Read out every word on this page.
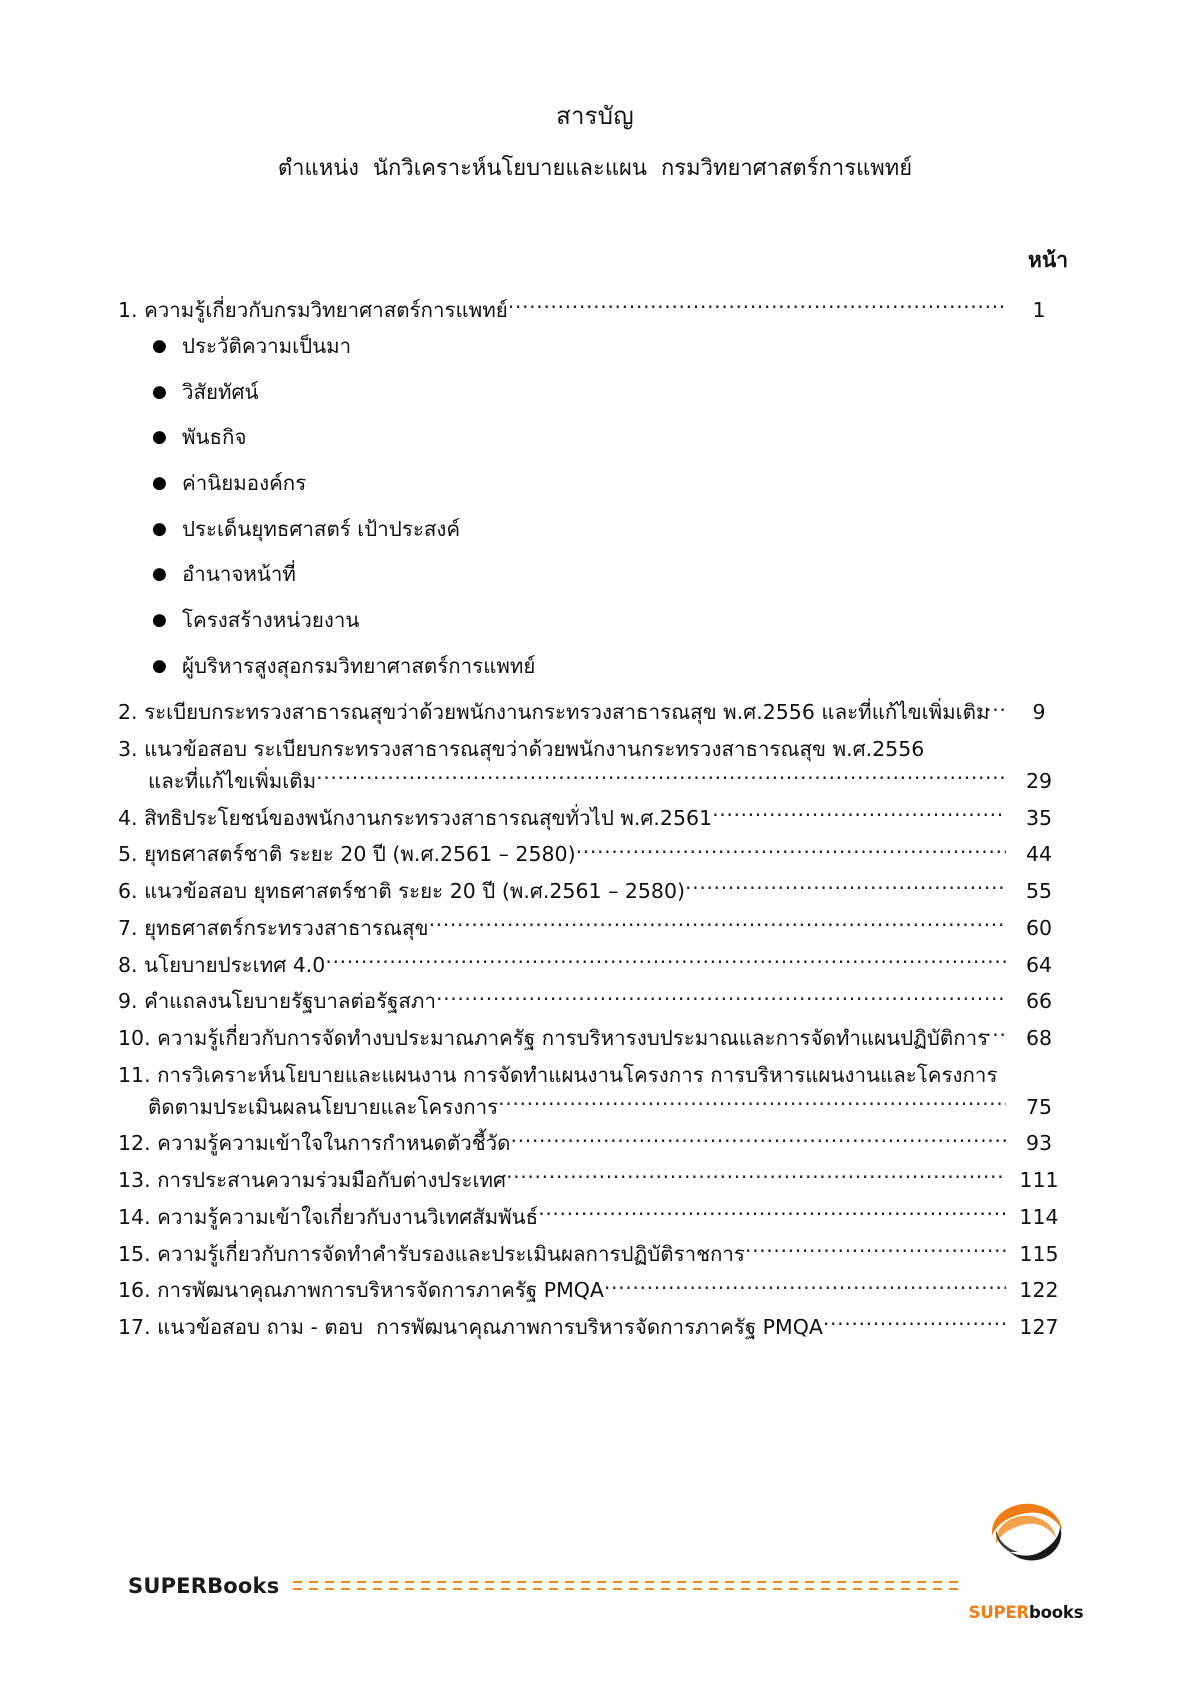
สารบัญ
ตำแหน่ง  นักวิเคราะห์นโยบายและแผน  กรมวิทยาศาสตร์การแพทย์
หน้า
1. ความรู้เกี่ยวกับกรมวิทยาศาสตร์การแพทย์ .....	1
● ประวัติความเป็นมา
● วิสัยทัศน์
● พันธกิจ
● ค่านิยมองค์กร
● ประเด็นยุทธศาสตร์ เป้าประสงค์
● อำนาจหน้าที่
● โครงสร้างหน่วยงาน
● ผู้บริหารสูงสุอกรมวิทยาศาสตร์การแพทย์
2. ระเบียบกระทรวงสาธารณสุขว่าด้วยพนักงานกระทรวงสาธารณสุข พ.ศ.2556 และที่แก้ไขเพิ่มเติม .....	9
3. แนวข้อสอบ ระเบียบกระทรวงสาธารณสุขว่าด้วยพนักงานกระทรวงสาธารณสุข พ.ศ.2556
และที่แก้ไขเพิ่มเติม .....	29
4. สิทธิประโยชน์ของพนักงานกระทรวงสาธารณสุขทั่วไป พ.ศ.2561 .....	35
5. ยุทธศาสตร์ชาติ ระยะ 20 ปี (พ.ศ.2561 – 2580) .....	44
6. แนวข้อสอบ ยุทธศาสตร์ชาติ ระยะ 20 ปี (พ.ศ.2561 – 2580) .....	55
7. ยุทธศาสตร์กระทรวงสาธารณสุข .....	60
8. นโยบายประเทศ 4.0 .....	64
9. คำแถลงนโยบายรัฐบาลต่อรัฐสภา .....	66
10. ความรู้เกี่ยวกับการจัดทำงบประมาณภาครัฐ การบริหารงบประมาณและการจัดทำแผนปฏิบัติการ .....	68
11. การวิเคราะห์นโยบายและแผนงาน การจัดทำแผนงานโครงการ การบริหารแผนงานและโครงการ
ติดตามประเมินผลนโยบายและโครงการ .....	75
12. ความรู้ความเข้าใจในการกำหนดตัวชี้วัด .....	93
13. การประสานความร่วมมือกับต่างประเทศ .....	111
14. ความรู้ความเข้าใจเกี่ยวกับงานวิเทศสัมพันธ์ .....	114
15. ความรู้เกี่ยวกับการจัดทำคำรับรองและประเมินผลการปฏิบัติราชการ .....	115
16. การพัฒนาคุณภาพการบริหารจัดการภาครัฐ PMQA .....	122
17. แนวข้อสอบ ถาม - ตอบ  การพัฒนาคุณภาพการบริหารจัดการภาครัฐ PMQA .....	127
SUPERBooks
SUPERbooks
